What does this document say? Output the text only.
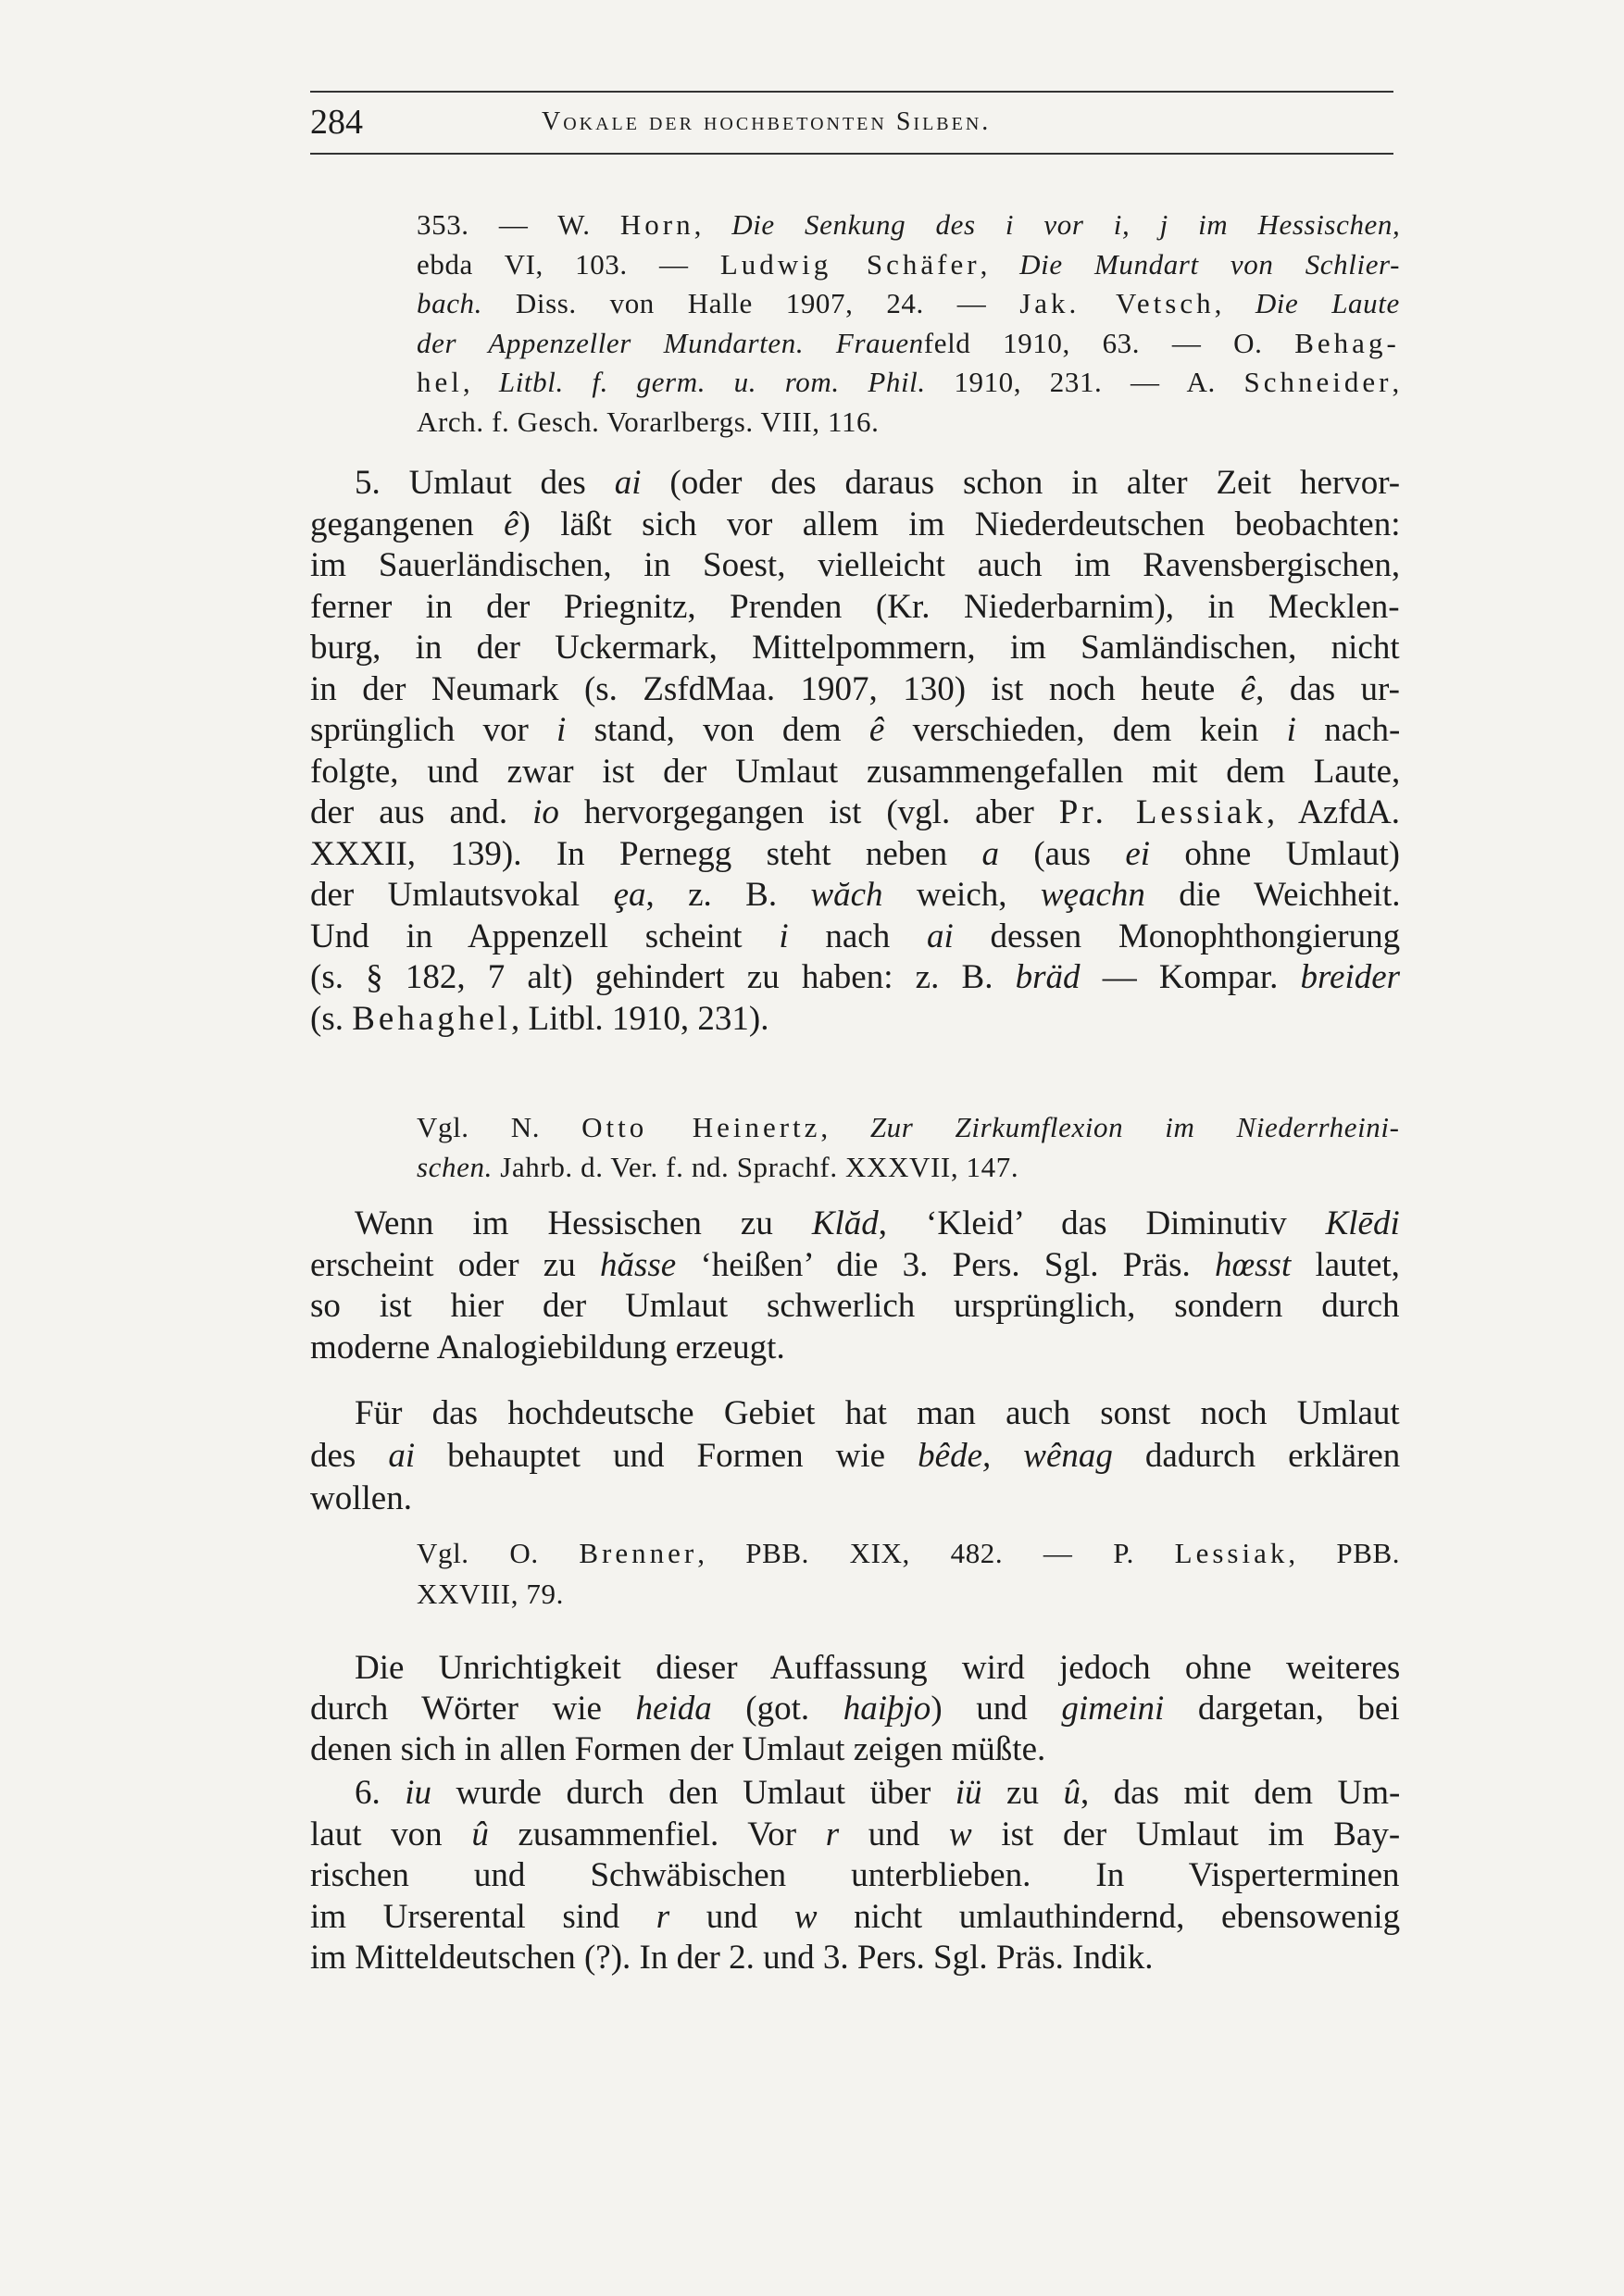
284	Vokale der hochbetonten Silben.
353. — W. Horn, Die Senkung des i vor i, j im Hessischen,
ebda VI, 103. — Ludwig Schäfer, Die Mundart von Schlier-
bach. Diss. von Halle 1907, 24. — Jak. Vetsch, Die Laute
der Appenzeller Mundarten. Frauenfeld 1910, 63. — O. Behag-
hel, Litbl. f. germ. u. rom. Phil. 1910, 231. — A. Schneider,
Arch. f. Gesch. Vorarlbergs. VIII, 116.
5. Umlaut des ai (oder des daraus schon in alter Zeit hervor-
gegangenen ê) läßt sich vor allem im Niederdeutschen beobachten:
im Sauerländischen, in Soest, vielleicht auch im Ravensbergischen,
ferner in der Priegnitz, Prenden (Kr. Niederbarnim), in Mecklen-
burg, in der Uckermark, Mittelpommern, im Samländischen, nicht
in der Neumark (s. ZsfdMaa. 1907, 130) ist noch heute ê, das ur-
sprünglich vor i stand, von dem ê verschieden, dem kein i nach-
folgte, und zwar ist der Umlaut zusammengefallen mit dem Laute,
der aus and. io hervorgegangen ist (vgl. aber Pr. Lessiak, AzfdA.
XXXII, 139). In Pernegg steht neben a (aus ei ohne Umlaut)
der Umlautsvokal ȩa, z. B. wăch weich, wȩachn die Weichheit.
Und in Appenzell scheint i nach ai dessen Monophthongierung
(s. § 182, 7 alt) gehindert zu haben: z. B. bräd — Kompar. breider
(s. Behaghel, Litbl. 1910, 231).
Vgl. N. Otto Heinertz, Zur Zirkumflexion im Niederrheini-
schen. Jahrb. d. Ver. f. nd. Sprachf. XXXVII, 147.
Wenn im Hessischen zu Klăd, ‘Kleid’ das Diminutiv Klēdi
erscheint oder zu hăsse ‘heißen’ die 3. Pers. Sgl. Präs. hœsst lautet,
so ist hier der Umlaut schwerlich ursprünglich, sondern durch
moderne Analogiebildung erzeugt.
Für das hochdeutsche Gebiet hat man auch sonst noch Umlaut
des ai behauptet und Formen wie bêde, wênag dadurch erklären
wollen.
Vgl. O. Brenner, PBB. XIX, 482. — P. Lessiak, PBB.
XXVIII, 79.
Die Unrichtigkeit dieser Auffassung wird jedoch ohne weiteres
durch Wörter wie heida (got. haiþjo) und gimeini dargetan, bei
denen sich in allen Formen der Umlaut zeigen müßte.
6. iu wurde durch den Umlaut über iü zu û, das mit dem Um-
laut von û zusammenfiel. Vor r und w ist der Umlaut im Bay-
rischen und Schwäbischen unterblieben. In Visperterminen
im Urserental sind r und w nicht umlauthindernd, ebensowenig
im Mitteldeutschen (?). In der 2. und 3. Pers. Sgl. Präs. Indik.
